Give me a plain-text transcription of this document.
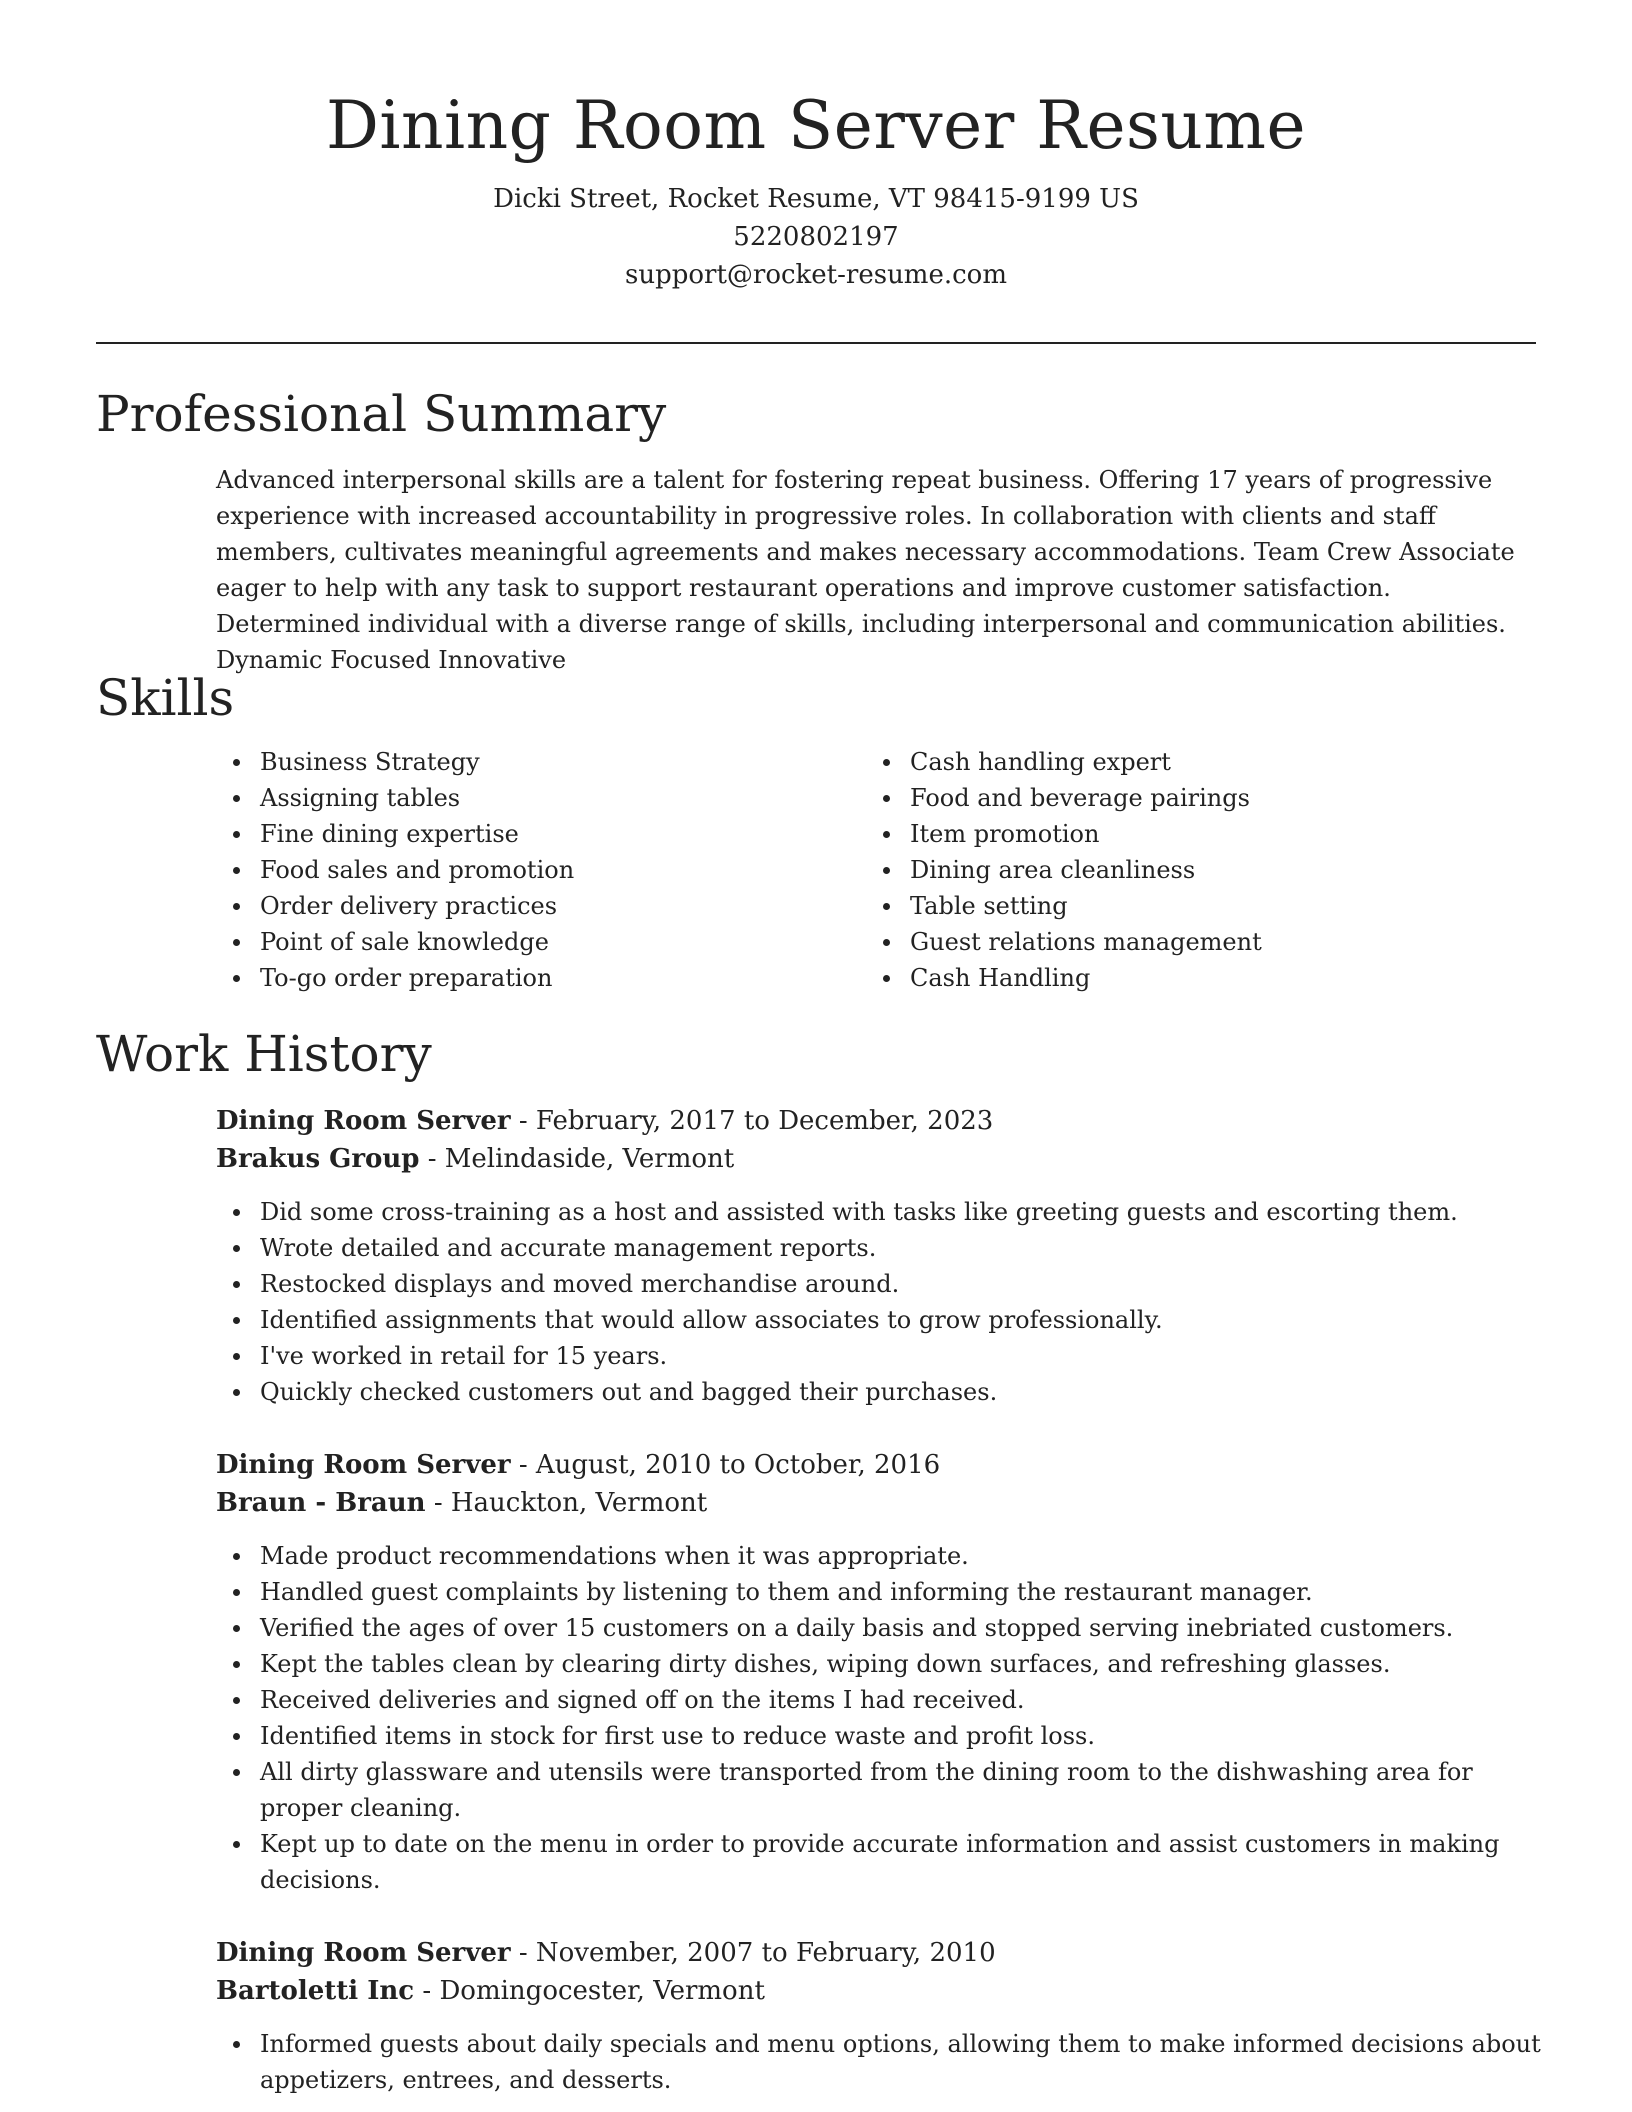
Dining Room Server Resume
Dicki Street, Rocket Resume, VT 98415-9199 US
5220802197
support@rocket-resume.com
Professional Summary

Advanced interpersonal skills are a talent for fostering repeat business. Offering 17 years of progressive experience with increased accountability in progressive roles. In collaboration with clients and staff members, cultivates meaningful agreements and makes necessary accommodations. Team Crew Associate eager to help with any task to support restaurant operations and improve customer satisfaction. Determined individual with a diverse range of skills, including interpersonal and communication abilities. Dynamic Focused Innovative

Skills
Business Strategy
Assigning tables
Fine dining expertise
Food sales and promotion
Order delivery practices
Point of sale knowledge
To-go order preparation
Cash handling expert
Food and beverage pairings
Item promotion
Dining area cleanliness
Table setting
Guest relations management
Cash Handling
Work History
Dining Room Server - February, 2017 to December, 2023
Brakus Group - Melindaside, Vermont
Did some cross-training as a host and assisted with tasks like greeting guests and escorting them.
Wrote detailed and accurate management reports.
Restocked displays and moved merchandise around.
Identified assignments that would allow associates to grow professionally.
I've worked in retail for 15 years.
Quickly checked customers out and bagged their purchases.
Dining Room Server - August, 2010 to October, 2016
Braun - Braun - Hauckton, Vermont
Made product recommendations when it was appropriate.
Handled guest complaints by listening to them and informing the restaurant manager.
Verified the ages of over 15 customers on a daily basis and stopped serving inebriated customers.
Kept the tables clean by clearing dirty dishes, wiping down surfaces, and refreshing glasses.
Received deliveries and signed off on the items I had received.
Identified items in stock for first use to reduce waste and profit loss.
All dirty glassware and utensils were transported from the dining room to the dishwashing area for proper cleaning.
Kept up to date on the menu in order to provide accurate information and assist customers in making decisions.
Dining Room Server - November, 2007 to February, 2010
Bartoletti Inc - Domingocester, Vermont
Informed guests about daily specials and menu options, allowing them to make informed decisions about appetizers, entrees, and desserts.
